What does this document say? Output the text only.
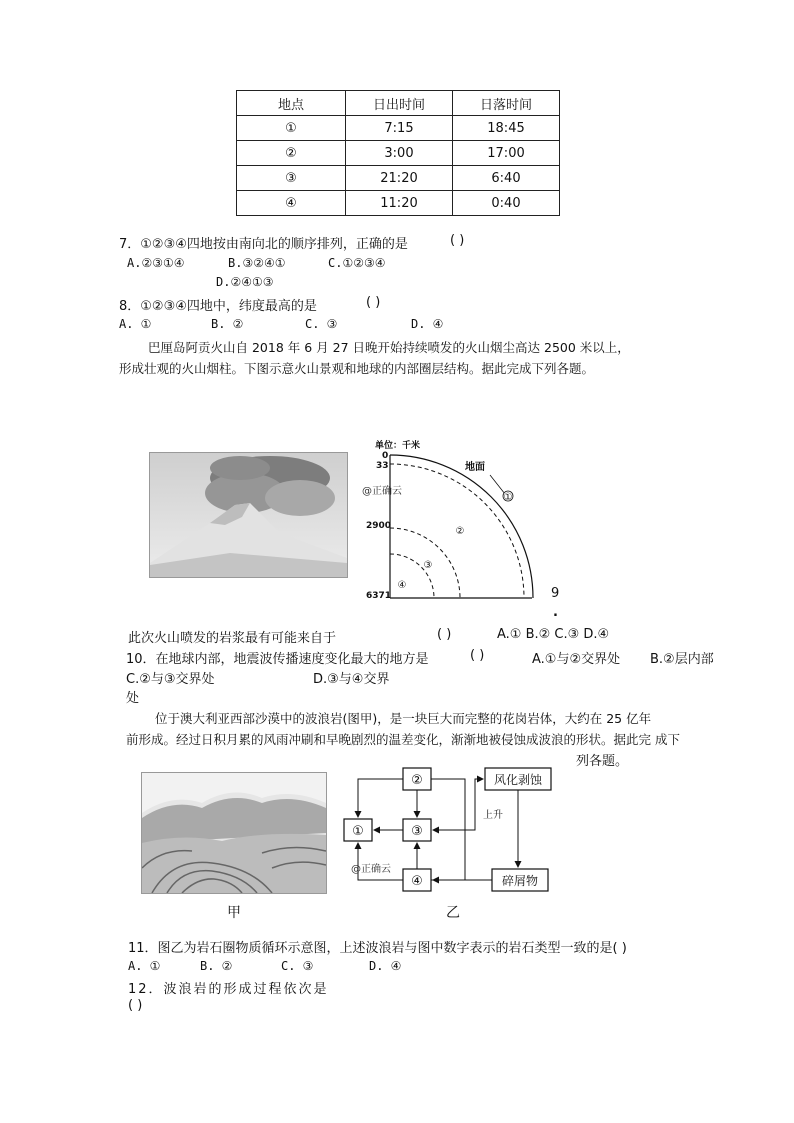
地点	日出时间	日落时间
①	7:15	18:45
②	3:00	17:00
③	21:20	6:40
④	11:20	0:40
7．①②③④四地按由南向北的顺序排列，正确的是	( )
A.②③①④	B.③②④①	C.①②③④
D.②④①③
8．①②③④四地中，纬度最高的是	( )
A. ①	B. ②	C. ③	D. ④
巴厘岛阿贡火山自 2018 年 6 月 27 日晚开始持续喷发的火山烟尘高达 2500 米以上，
形成壮观的火山烟柱。下图示意火山景观和地球的内部圈层结构。据此完成下列各题。
单位：千米
0
33
2900
6371
地面
@正确云
①
②
③
④
9
.
此次火山喷发的岩浆最有可能来自于	( )	A.① B.② C.③ D.④
10．在地球内部，地震波传播速度变化最大的地方是	( )	A.①与②交界处 B.②层内部
C.②与③交界处	D.③与④交界
处
位于澳大利亚西部沙漠中的波浪岩(图甲)，是一块巨大而完整的花岗岩体，大约在 25 亿年
前形成。经过日积月累的风雨冲刷和早晚剧烈的温差变化，渐渐地被侵蚀成波浪的形状。据此完 成下
列各题。
②
①	③
④
风化剥蚀
碎屑物
上升
@正确云
甲	乙
11．图乙为岩石圈物质循环示意图，上述波浪岩与图中数字表示的岩石类型一致的是( )
A. ①	B. ②	C. ③	D. ④
12．波浪岩的形成过程依次是
( )
